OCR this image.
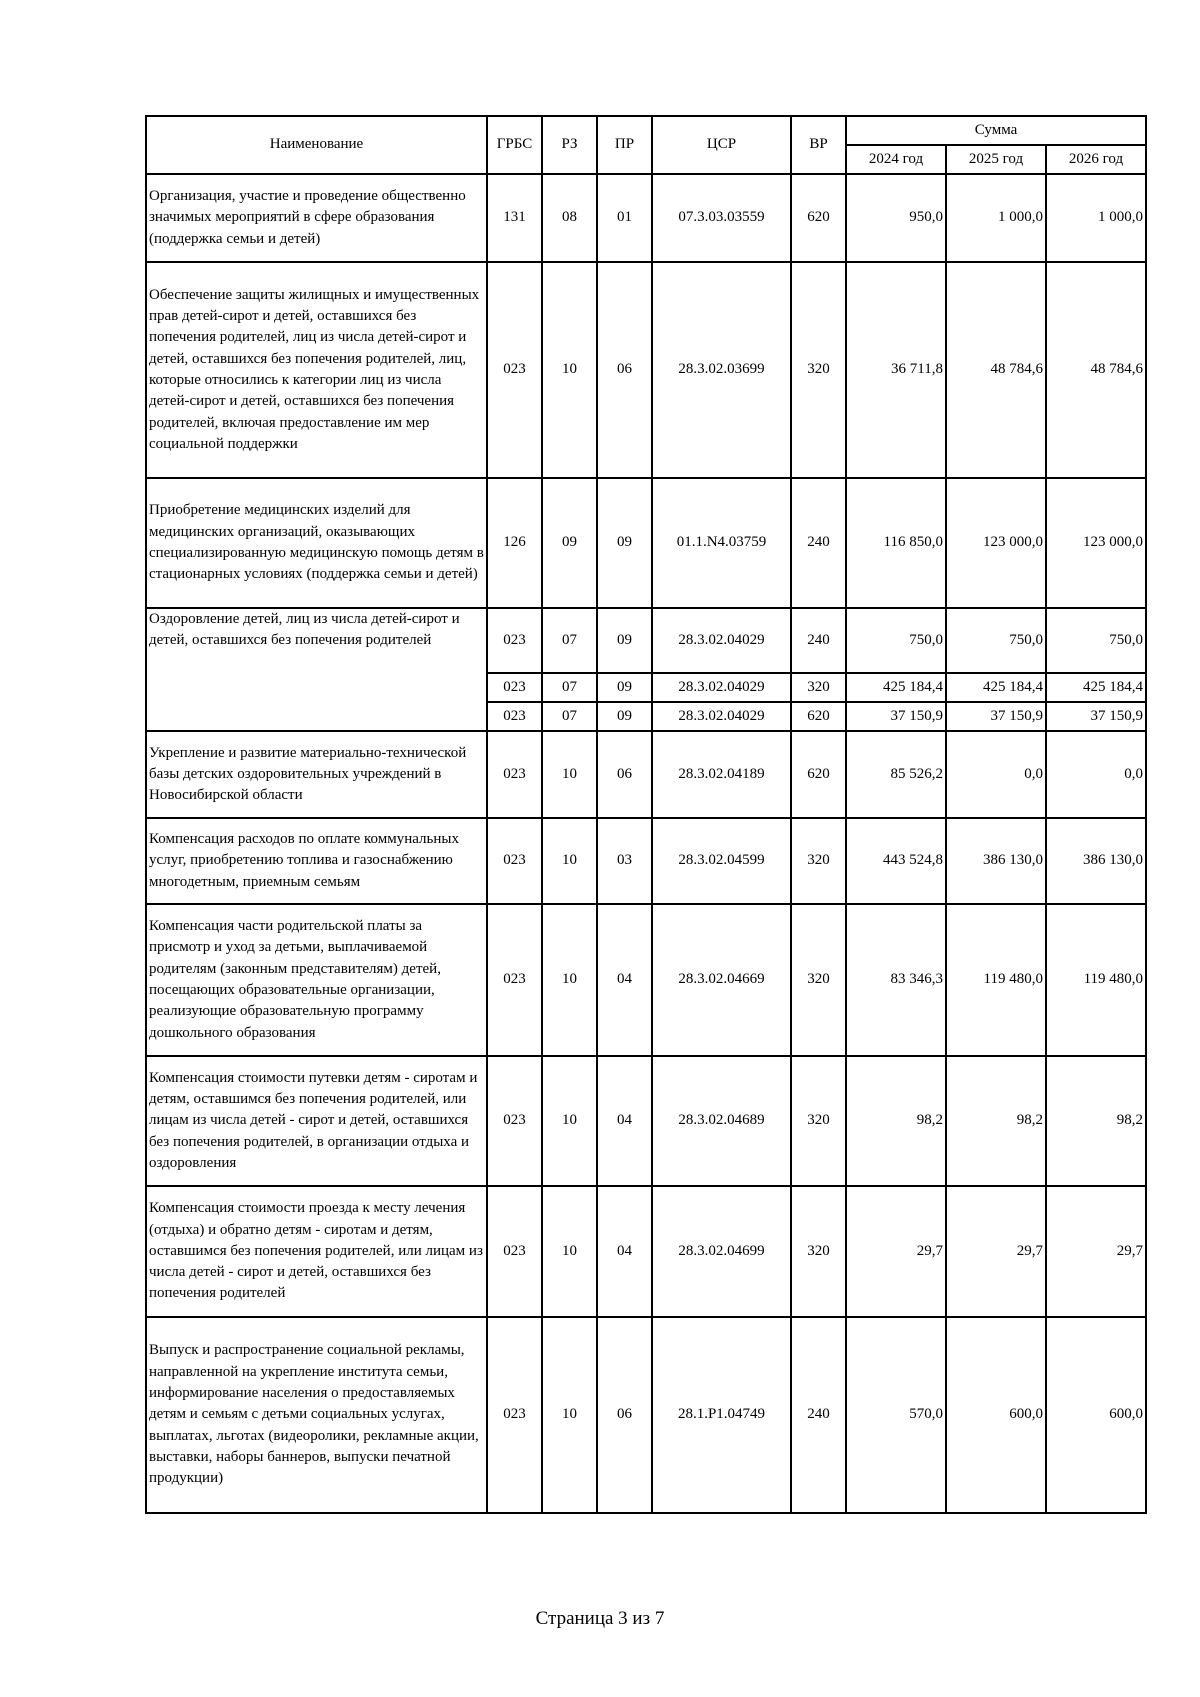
Наименование	ГРБС	РЗ	ПР	ЦСР	ВР	Сумма		
						2024 год	2025 год	2026 год
Организация, участие и проведение общественно значимых мероприятий в сфере образования (поддержка семьи и детей)	131	08	01	07.3.03.03559	620	950,0	1 000,0	1 000,0
Обеспечение защиты жилищных и имущественных прав детей-сирот и детей, оставшихся без попечения родителей, лиц из числа детей-сирот и детей, оставшихся без попечения родителей, лиц, которые относились к категории лиц из числа детей-сирот и детей, оставшихся без попечения родителей, включая предоставление им мер социальной поддержки	023	10	06	28.3.02.03699	320	36 711,8	48 784,6	48 784,6
Приобретение медицинских изделий для медицинских организаций, оказывающих специализированную медицинскую помощь детям в стационарных условиях (поддержка семьи и детей)	126	09	09	01.1.N4.03759	240	116 850,0	123 000,0	123 000,0
Оздоровление детей, лиц из числа детей-сирот и детей, оставшихся без попечения родителей	023	07	09	28.3.02.04029	240	750,0	750,0	750,0
	023	07	09	28.3.02.04029	320	425 184,4	425 184,4	425 184,4
	023	07	09	28.3.02.04029	620	37 150,9	37 150,9	37 150,9
Укрепление и развитие материально-технической базы детских оздоровительных учреждений в Новосибирской области	023	10	06	28.3.02.04189	620	85 526,2	0,0	0,0
Компенсация расходов по оплате коммунальных услуг, приобретению топлива и газоснабжению многодетным, приемным семьям	023	10	03	28.3.02.04599	320	443 524,8	386 130,0	386 130,0
Компенсация части родительской платы за присмотр и уход за детьми, выплачиваемой родителям (законным представителям) детей, посещающих образовательные организации, реализующие образовательную программу дошкольного образования	023	10	04	28.3.02.04669	320	83 346,3	119 480,0	119 480,0
Компенсация стоимости путевки детям - сиротам и детям, оставшимся без попечения родителей, или лицам из числа детей - сирот и детей, оставшихся без попечения родителей, в организации отдыха и оздоровления	023	10	04	28.3.02.04689	320	98,2	98,2	98,2
Компенсация стоимости проезда к месту лечения (отдыха) и обратно детям - сиротам и детям, оставшимся без попечения родителей, или лицам из числа детей - сирот и детей, оставшихся без попечения родителей	023	10	04	28.3.02.04699	320	29,7	29,7	29,7
Выпуск и распространение социальной рекламы, направленной на укрепление института семьи, информирование населения о предоставляемых детям и семьям с детьми социальных услугах, выплатах, льготах (видеоролики, рекламные акции, выставки, наборы баннеров, выпуски печатной продукции)	023	10	06	28.1.P1.04749	240	570,0	600,0	600,0
Страница 3 из 7
